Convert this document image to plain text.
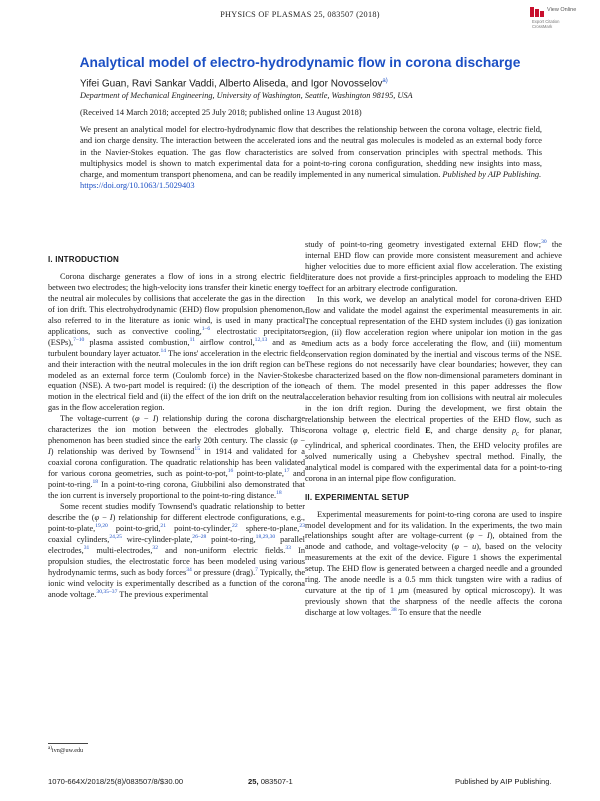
PHYSICS OF PLASMAS 25, 083507 (2018)	View Online
Export Citation CrossMark
Analytical model of electro-hydrodynamic flow in corona discharge
Yifei Guan, Ravi Sankar Vaddi, Alberto Aliseda, and Igor Novosselov$^{a)}$
Department of Mechanical Engineering, University of Washington, Seattle, Washington 98195, USA
(Received 14 March 2018; accepted 25 July 2018; published online 13 August 2018)
We present an analytical model for electro-hydrodynamic flow that describes the relationship between the corona voltage, electric field, and ion charge density. The interaction between the accelerated ions and the neutral gas molecules is modeled as an external body force in the Navier-Stokes equation. The gas flow characteristics are solved from conservation principles with spectral methods. This multiphysics model is shown to match experimental data for a point-to-ring corona configuration, shedding new insights into mass, charge, and momentum transport phenomena, and can be readily implemented in any numerical simulation. Published by AIP Publishing.
https://doi.org/10.1063/1.5029403
I. INTRODUCTION

Corona discharge generates a flow of ions in a strong electric field between two electrodes; the high-velocity ions transfer their kinetic energy to the neutral air molecules by collisions that accelerate the gas in the direction of ion drift. This electrohydrodynamic (EHD) flow propulsion phenomenon, also referred to in the literature as ionic wind, is used in many practical applications, such as convective cooling,$^{1-6}$ electrostatic precipitators (ESPs),$^{7-10}$ plasma assisted combustion,$^{11}$ airflow control,$^{12,13}$ and as a turbulent boundary layer actuator.$^{14}$ The ions' acceleration in the electric field and their interaction with the neutral molecules in the ion drift region can be modeled as an external force term (Coulomb force) in the Navier-Stokes equation (NSE). A two-part model is required: (i) the description of the ion motion in the electrical field and (ii) the effect of the ion drift on the neutral gas in the flow acceleration region.

The voltage-current (φ − I) relationship during the corona discharge characterizes the ion motion between the electrodes globally. This phenomenon has been studied since the early 20th century. The classic (φ − I) relationship was derived by Townsend$^{15}$ in 1914 and validated for a coaxial corona configuration. The quadratic relationship has been validated for various corona geometries, such as point-to-pot,$^{16}$ point-to-plate,$^{17}$ and point-to-ring.$^{18}$ In a point-to-ring corona, Giubbilini also demonstrated that the ion current is inversely proportional to the point-to-ring distance.$^{18}$

Some recent studies modify Townsend's quadratic relationship to better describe the (φ − I) relationship for different electrode configurations, e.g., point-to-plate,$^{19,20}$ point-to-grid,$^{21}$ point-to-cylinder,$^{22}$ sphere-to-plane,$^{23}$ coaxial cylinders,$^{24,25}$ wire-cylinder-plate,$^{26-28}$ point-to-ring,$^{18,29,30}$ parallel electrodes,$^{31}$ multi-electrodes,$^{32}$ and non-uniform electric fields.$^{33}$ In propulsion studies, the electrostatic force has been modeled using various hydrodynamic terms, such as body forces$^{34}$ or pressure (drag).$^7$ Typically, the ionic wind velocity is experimentally described as a function of the corona anode voltage.$^{30,35-37}$ The previous experimental

study of point-to-ring geometry investigated external EHD flow;$^{30}$ the internal EHD flow can provide more consistent measurement and achieve higher velocities due to more efficient axial flow acceleration. The existing literature does not provide a first-principles approach to modeling the EHD effect for an arbitrary electrode configuration.

In this work, we develop an analytical model for corona-driven EHD flow and validate the model against the experimental measurements in air. The conceptual representation of the EHD system includes (i) gas ionization region, (ii) flow acceleration region where unipolar ion motion in the gas medium acts as a body force accelerating the flow, and (iii) momentum conservation region dominated by the inertial and viscous terms of the NSE. These regions do not necessarily have clear boundaries; however, they can be characterized based on the flow non-dimensional parameters dominant in each of them. The model presented in this paper addresses the flow acceleration behavior resulting from ion collisions with neutral air molecules in the ion drift region. During the development, we first obtain the relationship between the electrical properties of the EHD flow, such as corona voltage φ, electric field E, and charge density $\rho_c$ for planar, cylindrical, and spherical coordinates. Then, the EHD velocity profiles are solved numerically using a Chebyshev spectral method. Finally, the analytical model is compared with the experimental data for a point-to-ring corona in an internal pipe flow configuration.

II. EXPERIMENTAL SETUP

Experimental measurements for point-to-ring corona are used to inspire model development and for its validation. In the experiments, the two main relationships sought after are voltage-current (φ − I), obtained from the anode and cathode, and voltage-velocity (φ − u), based on the velocity measurements at the exit of the device. Figure 1 shows the experimental setup. The EHD flow is generated between a charged needle and a grounded ring. The anode needle is a 0.5 mm thick tungsten wire with a radius of curvature at the tip of 1 μm (measured by optical microscopy). It was previously shown that the sharpness of the needle affects the corona discharge at low voltages.$^{38}$ To ensure that the needle

$^{a)}$ivn@uw.edu
1070-664X/2018/25(8)/083507/8/$30.00	25, 083507-1	Published by AIP Publishing.
